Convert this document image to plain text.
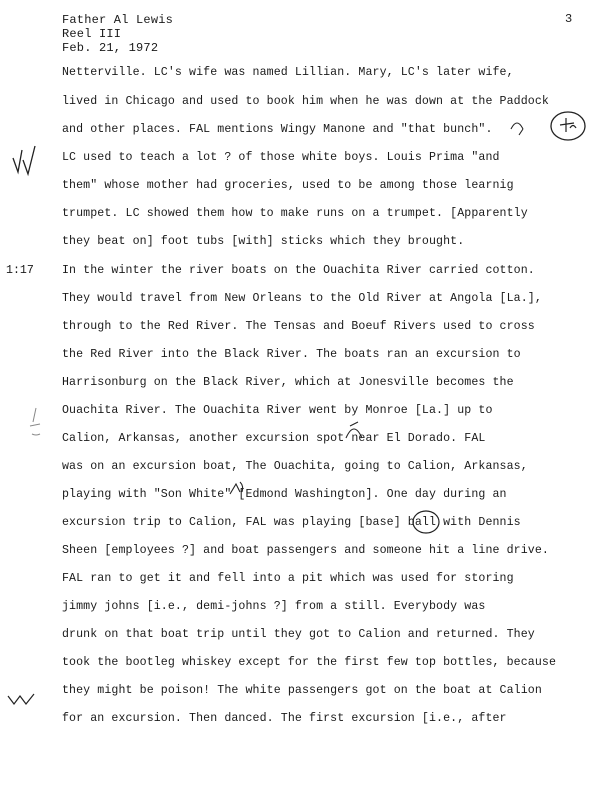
Father Al Lewis
Reel III
Feb. 21, 1972
3
1:17
Netterville. LC's wife was named Lillian. Mary, LC's later wife,
lived in Chicago and used to book him when he was down at the Paddock
and other places. FAL mentions Wingy Manone and "that bunch".
LC used to teach a lot ? of those white boys. Louis Prima "and
them" whose mother had groceries, used to be among those learnig
trumpet. LC showed them how to make runs on a trumpet. [Apparently
they beat on] foot tubs [with] sticks which they brought.
In the winter the river boats on the Ouachita River carried cotton.
They would travel from New Orleans to the Old River at Angola [La.],
through to the Red River. The Tensas and Boeuf Rivers used to cross
the Red River into the Black River. The boats ran an excursion to
Harrisonburg on the Black River, which at Jonesville becomes the
Ouachita River. The Ouachita River went by Monroe [La.] up to
Calion, Arkansas, another excursion spot near El Dorado. FAL
was on an excursion boat, The Ouachita, going to Calion, Arkansas,
playing with "Son White" [Edmond Washington]. One day during an
excursion trip to Calion, FAL was playing [base] ball with Dennis
Sheen [employees ?] and boat passengers and someone hit a line drive.
FAL ran to get it and fell into a pit which was used for storing
jimmy johns [i.e., demi-johns ?] from a still. Everybody was
drunk on that boat trip until they got to Calion and returned. They
took the bootleg whiskey except for the first few top bottles, because
they might be poison! The white passengers got on the boat at Calion
for an excursion. Then danced. The first excursion [i.e., after
